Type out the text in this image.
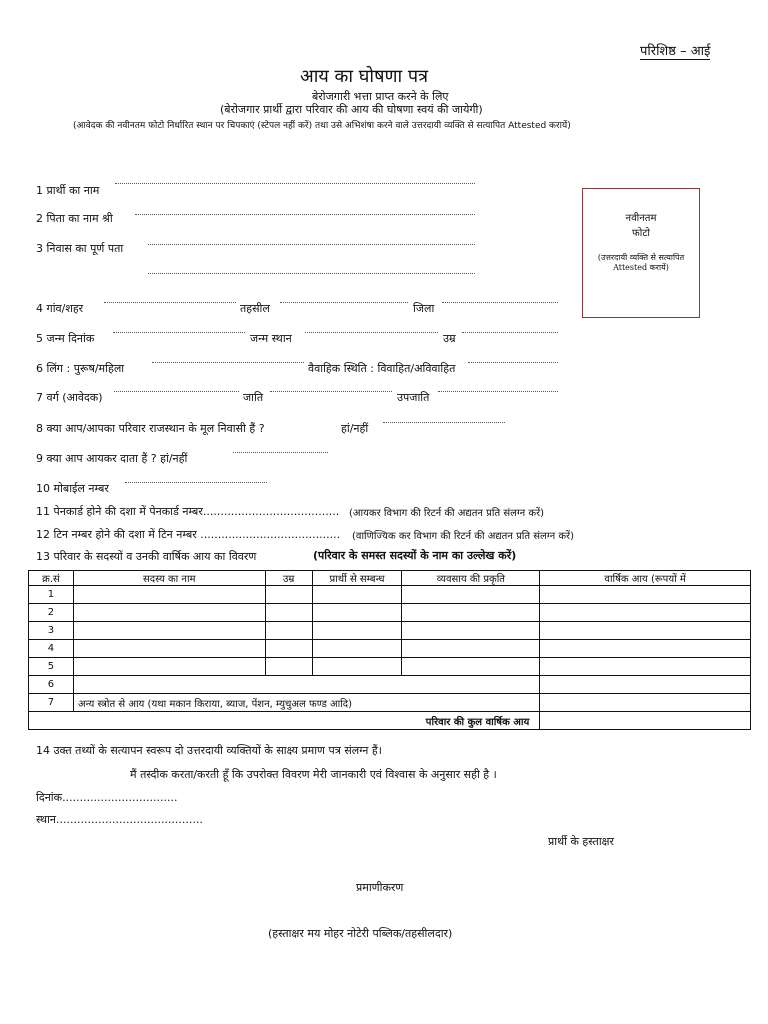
परिशिष्ठ – आई
आय का घोषणा पत्र
बेरोजगारी भत्ता प्राप्त करने के लिए
(बेरोजगार प्रार्थी द्वारा परिवार की आय की घोषणा स्वयं की जायेगी)
(आवेदक की नवीनतम फोटो निर्धारित स्थान पर चिपकाएं (स्टेपल नहीं करें) तथा उसे अभिशंषा करने वाले उत्तरदायी व्यक्ति से सत्यापित Attested करायें)
नवीनतम
फोटो
(उत्तरदायी व्यक्ति से सत्यापित Attested करायें)
1 प्रार्थी का नाम
2 पिता का नाम श्री
3 निवास का पूर्ण पता
4 गांव/शहर	तहसील	जिला
5 जन्म दिनांक	जन्म स्थान	उम्र
6 लिंग : पुरूष/महिला	वैवाहिक स्थिति : विवाहित/अविवाहित
7 वर्ग (आवेदक)	जाति	उपजाति
8 क्या आप/आपका परिवार राजस्थान के मूल निवासी हैं ?	हां/नहीं
9 क्या आप आयकर दाता हैं ? हां/नहीं
10 मोबाईल नम्बर
11 पेनकार्ड होने की दशा में पेनकार्ड नम्बर....................................... (आयकर विभाग की रिटर्न की अद्यतन प्रति संलग्न करें)
12 टिन नम्बर होने की दशा में टिन नम्बर ........................................ (वाणिज्यिक कर विभाग की रिटर्न की अद्यतन प्रति संलग्न करें)
13 परिवार के सदस्यों व उनकी वार्षिक आय का विवरण	(परिवार के समस्त सदस्यों के नाम का उल्लेख करें)
क्र.सं	सदस्य का नाम	उम्र	प्रार्थी से सम्बन्ध	व्यवसाय की प्रकृति	वार्षिक आय (रूपयों में
1					
2					
3					
4					
5					
6					
7	अन्य स्त्रोत से आय (यथा मकान किराया, ब्याज, पेंशन, म्युचुअल फण्ड आदि)				
परिवार की कुल वार्षिक आय					
14 उक्त तथ्यों के सत्यापन स्वरूप दो उत्तरदायी व्यक्तियों के साक्ष्य प्रमाण पत्र संलग्न हैं।
मैं तस्दीक करता/करती हूँ कि उपरोक्त विवरण मेरी जानकारी एवं विश्वास के अनुसार सही है ।
दिनांक.................................
स्थान..........................................
प्रार्थी के हस्ताक्षर
प्रमाणीकरण
(हस्ताक्षर मय मोहर नोटेरी पब्लिक/तहसीलदार)
